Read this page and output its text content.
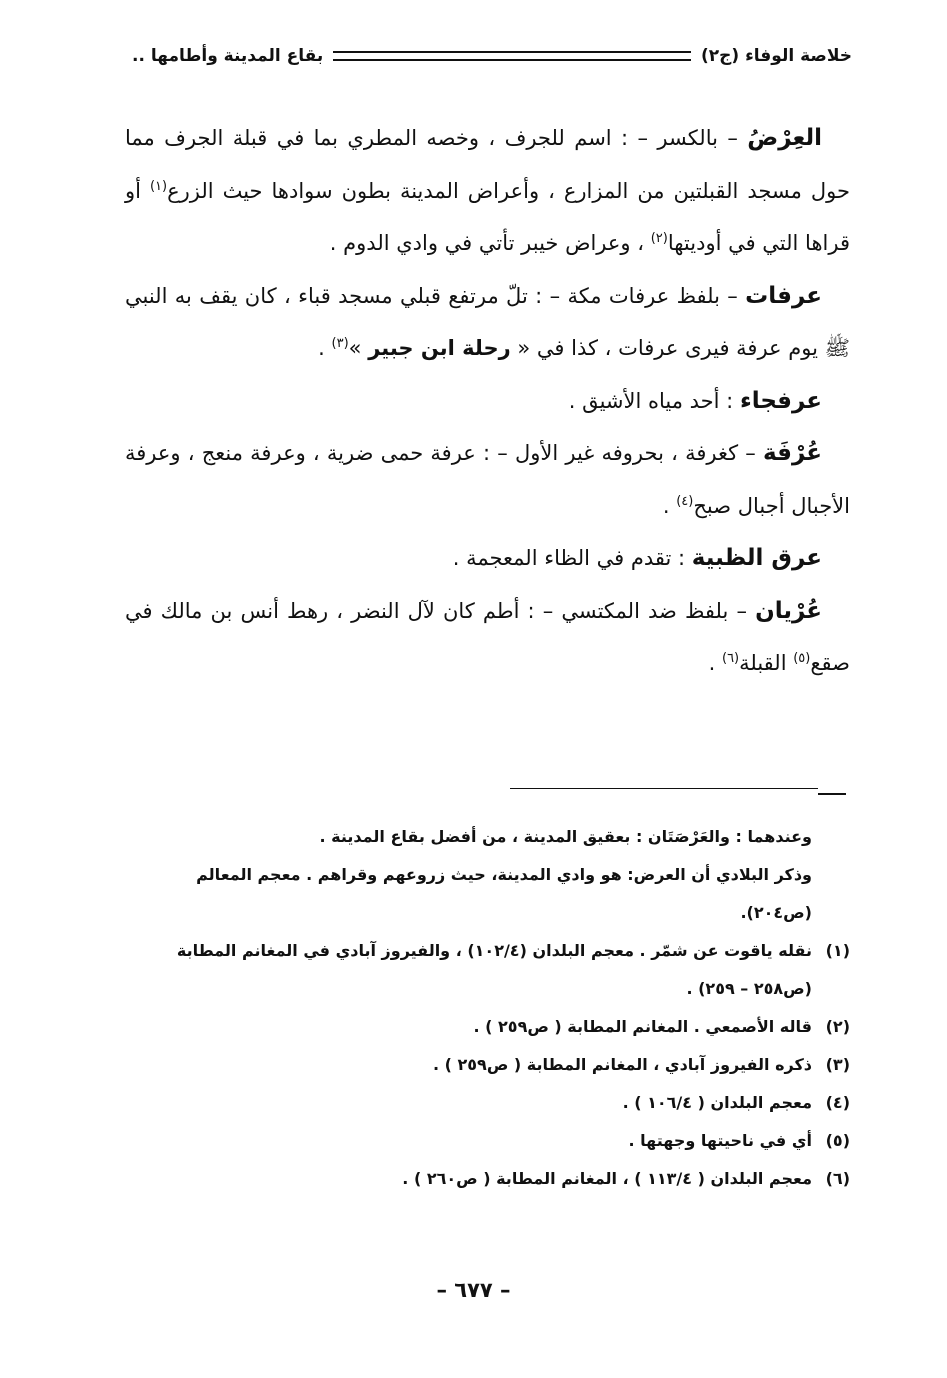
خلاصة الوفاء (ج٢)
بقاع المدينة وأطامها ..

العِرْضُ – بالكسر – : اسم للجرف ، وخصه المطري بما في قبلة الجرف مما حول مسجد القبلتين من المزارع ، وأعراض المدينة بطون سوادها حيث الزرع$^{(١)}$ أو قراها التي في أوديتها$^{(٢)}$ ، وعراض خيبر تأتي في وادي الدوم .

عرفات – بلفظ عرفات مكة – : تلّ مرتفع قبلي مسجد قباء ، كان يقف به النبي ﷺ يوم عرفة فيرى عرفات ، كذا في « رحلة ابن جبير »$^{(٣)}$ .

عرفجاء : أحد مياه الأشيق .

عُرْفَة – كغرفة ، بحروفه غير الأول – : عرفة حمى ضرية ، وعرفة منعج ، وعرفة الأجبال أجبال صبح$^{(٤)}$ .

عرق الظبية : تقدم في الظاء المعجمة .

عُرْيان – بلفظ ضد المكتسي – : أطم كان لآل النضر ، رهط أنس بن مالك في صقع$^{(٥)}$ القبلة$^{(٦)}$ .

وعندهما : والعَرْصَتَان : بعقيق المدينة ، من أفضل بقاع المدينة .

وذكر البلادي أن العرض: هو وادي المدينة، حيث زروعهم وقراهم . معجم المعالم (ص٢٠٤).

(١)
نقله ياقوت عن شمّر . معجم البلدان (١٠٢/٤) ، والفيروز آبادي في المغانم المطابة (ص٢٥٨ – ٢٥٩) .
(٢)
قاله الأصمعي . المغانم المطابة ( ص٢٥٩ ) .
(٣)
ذكره الفيروز آبادي ، المغانم المطابة ( ص٢٥٩ ) .
(٤)
معجم البلدان ( ١٠٦/٤ ) .
(٥)
أي في ناحيتها وجهتها .
(٦)
معجم البلدان ( ١١٣/٤ ) ، المغانم المطابة ( ص٢٦٠ ) .
– ٦٧٧ –
